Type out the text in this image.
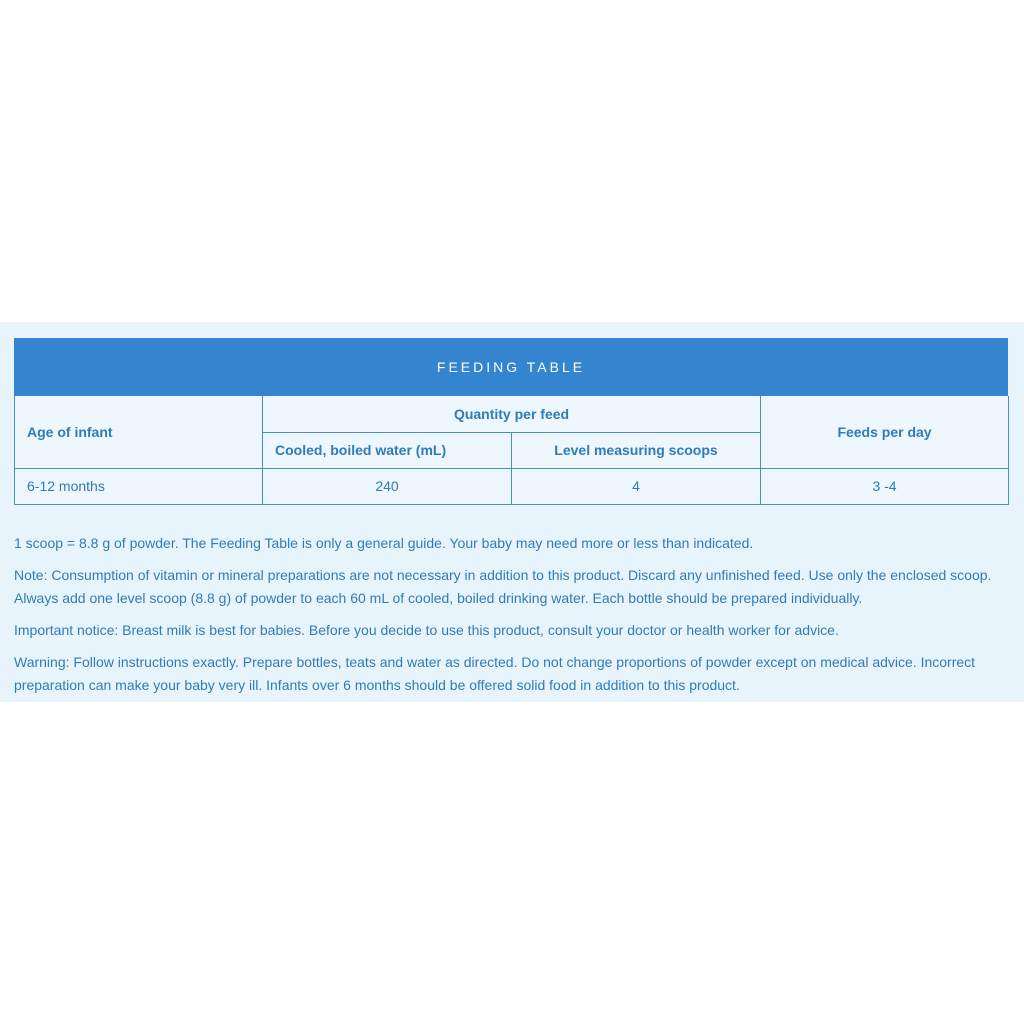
FEEDING TABLE
Age of infant	Quantity per feed		Feeds per day
	Cooled, boiled water (mL)	Level measuring scoops	
6-12 months	240	4	3 -4

1 scoop = 8.8 g of powder. The Feeding Table is only a general guide. Your baby may need more or less than indicated.

Note: Consumption of vitamin or mineral preparations are not necessary in addition to this product. Discard any unfinished feed. Use only the enclosed scoop. Always add one level scoop (8.8 g) of powder to each 60 mL of cooled, boiled drinking water. Each bottle should be prepared individually.

Important notice: Breast milk is best for babies. Before you decide to use this product, consult your doctor or health worker for advice.

Warning: Follow instructions exactly. Prepare bottles, teats and water as directed. Do not change proportions of powder except on medical advice. Incorrect preparation can make your baby very ill. Infants over 6 months should be offered solid food in addition to this product.
